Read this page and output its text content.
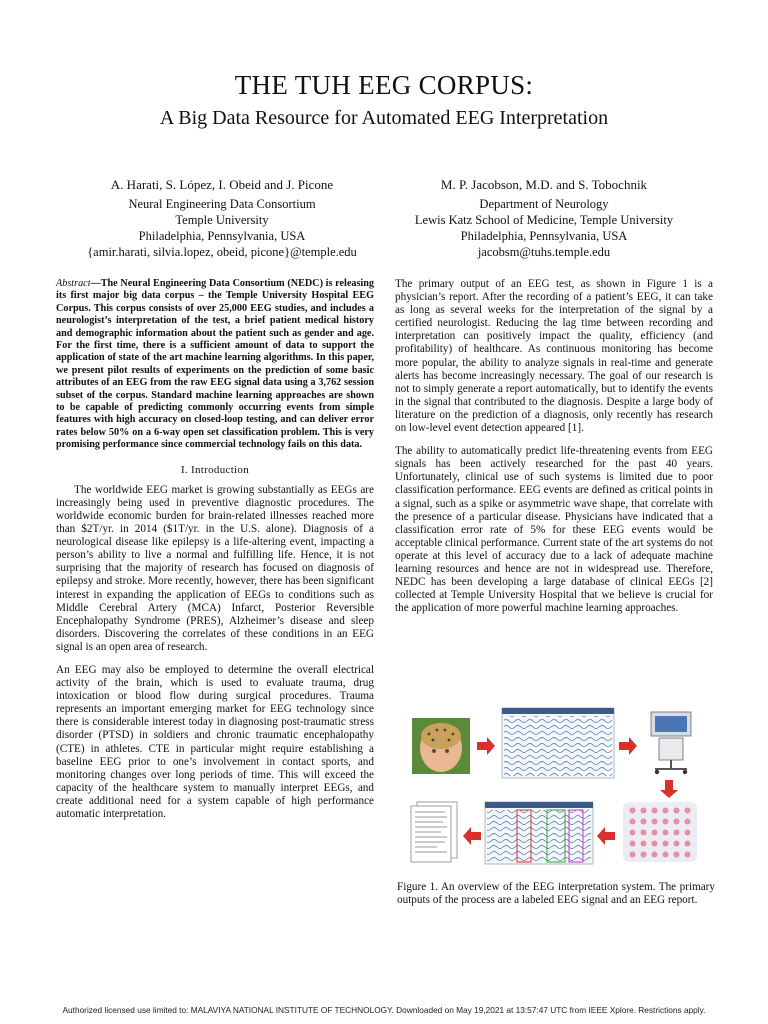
THE TUH EEG CORPUS:
A Big Data Resource for Automated EEG Interpretation
A. Harati, S. López, I. Obeid and J. Picone
Neural Engineering Data Consortium
Temple University
Philadelphia, Pennsylvania, USA
{amir.harati, silvia.lopez, obeid, picone}@temple.edu
M. P. Jacobson, M.D. and S. Tobochnik
Department of Neurology
Lewis Katz School of Medicine, Temple University
Philadelphia, Pennsylvania, USA
jacobsm@tuhs.temple.edu

Abstract—The Neural Engineering Data Consortium (NEDC) is releasing its first major big data corpus – the Temple University Hospital EEG Corpus. This corpus consists of over 25,000 EEG studies, and includes a neurologist’s interpretation of the test, a brief patient medical history and demographic information about the patient such as gender and age. For the first time, there is a sufficient amount of data to support the application of state of the art machine learning algorithms. In this paper, we present pilot results of experiments on the prediction of some basic attributes of an EEG from the raw EEG signal data using a 3,762 session subset of the corpus. Standard machine learning approaches are shown to be capable of predicting commonly occurring events from simple features with high accuracy on closed-loop testing, and can deliver error rates below 50% on a 6-way open set classification problem. This is very promising performance since commercial technology fails on this data.

I. Introduction

The worldwide EEG market is growing substantially as EEGs are increasingly being used in preventive diagnostic procedures. The worldwide economic burden for brain-related illnesses reached more than $2T/yr. in 2014 ($1T/yr. in the U.S. alone). Diagnosis of a neurological disease like epilepsy is a life-altering event, impacting a person’s ability to live a normal and fulfilling life. Hence, it is not surprising that the majority of research has focused on diagnosis of epilepsy and stroke. More recently, however, there has been significant interest in expanding the application of EEGs to conditions such as Middle Cerebral Artery (MCA) Infarct, Posterior Reversible Encephalopathy Syndrome (PRES), Alzheimer’s disease and sleep disorders. Discovering the correlates of these conditions in an EEG signal is an open area of research.

An EEG may also be employed to determine the overall electrical activity of the brain, which is used to evaluate trauma, drug intoxication or blood flow during surgical procedures. Trauma represents an important emerging market for EEG technology since there is considerable interest today in diagnosing post-traumatic stress disorder (PTSD) in soldiers and chronic traumatic encephalopathy (CTE) in athletes. CTE in particular might require establishing a baseline EEG prior to one’s involvement in contact sports, and monitoring changes over long periods of time. This will exceed the capacity of the healthcare system to manually interpret EEGs, and create additional need for a system capable of high performance automatic interpretation.

The primary output of an EEG test, as shown in Figure 1 is a physician’s report. After the recording of a patient’s EEG, it can take as long as several weeks for the interpretation of the signal by a certified neurologist. Reducing the lag time between recording and interpretation can positively impact the quality, efficiency (and profitability) of healthcare. As continuous monitoring has become more popular, the ability to analyze signals in real-time and generate alerts has become increasingly necessary. The goal of our research is not to simply generate a report automatically, but to identify the events in the signal that contributed to the diagnosis. Despite a large body of literature on the prediction of a diagnosis, only recently has research on low-level event detection appeared [1].

The ability to automatically predict life-threatening events from EEG signals has been actively researched for the past 40 years. Unfortunately, clinical use of such systems is limited due to poor classification performance. EEG events are defined as critical points in a signal, such as a spike or asymmetric wave shape, that correlate with the presence of a particular disease. Physicians have indicated that a classification error rate of 5% for these EEG events would be acceptable clinical performance. Current state of the art systems do not operate at this level of accuracy due to a lack of adequate machine learning resources and hence are not in widespread use. Therefore, NEDC has been developing a large database of clinical EEGs [2] collected at Temple University Hospital that we believe is crucial for the application of more powerful machine learning approaches.

Figure 1. An overview of the EEG interpretation system. The primary outputs of the process are a labeled EEG signal and an EEG report.
Authorized licensed use limited to: MALAVIYA NATIONAL INSTITUTE OF TECHNOLOGY. Downloaded on May 19,2021 at 13:57:47 UTC from IEEE Xplore. Restrictions apply.
